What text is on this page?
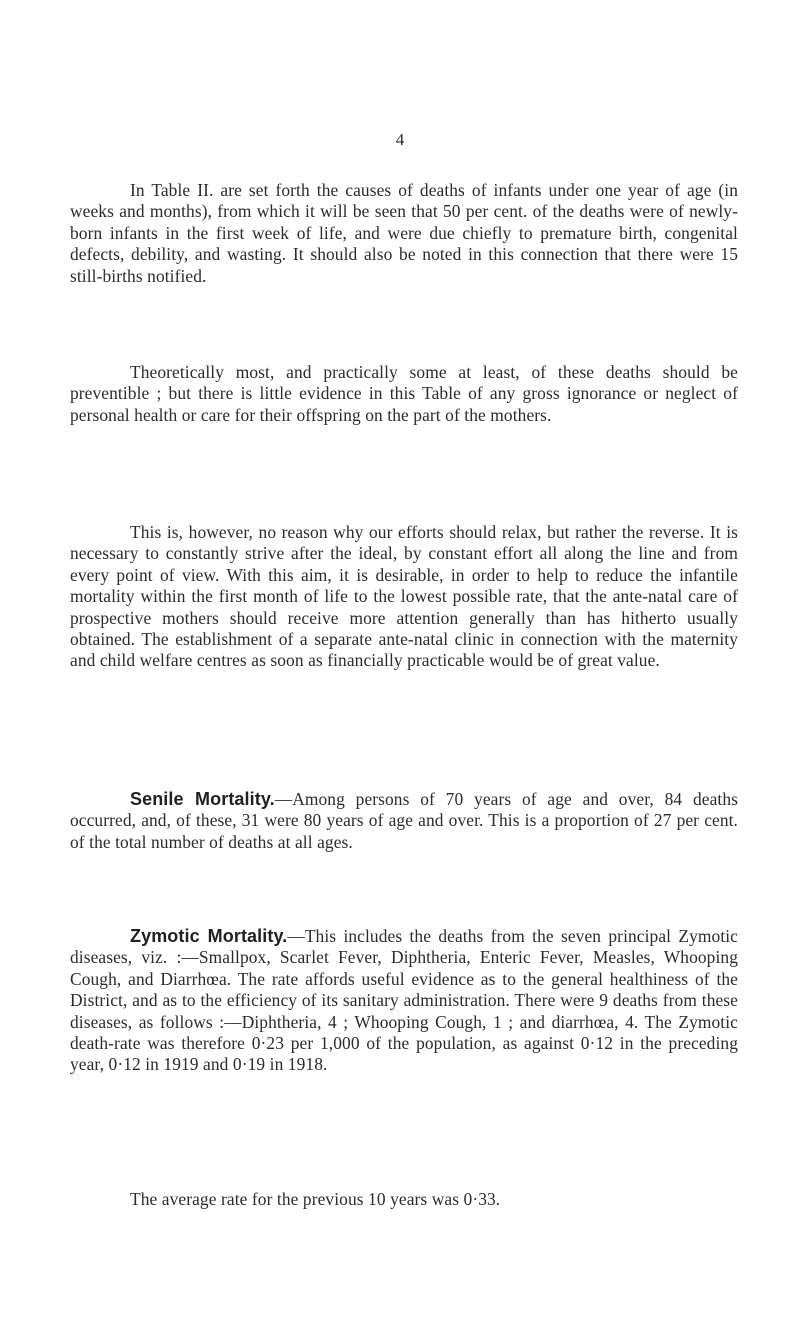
4

In Table II. are set forth the causes of deaths of infants under one year of age (in weeks and months), from which it will be seen that 50 per cent. of the deaths were of newly-born infants in the first week of life, and were due chiefly to premature birth, congenital defects, debility, and wasting. It should also be noted in this connection that there were 15 still-births notified.

Theoretically most, and practically some at least, of these deaths should be preventible ; but there is little evidence in this Table of any gross ignorance or neglect of personal health or care for their offspring on the part of the mothers.

This is, however, no reason why our efforts should relax, but rather the reverse. It is necessary to constantly strive after the ideal, by constant effort all along the line and from every point of view. With this aim, it is desirable, in order to help to reduce the infantile mortality within the first month of life to the lowest possible rate, that the ante-natal care of prospective mothers should receive more attention generally than has hitherto usually obtained. The establishment of a separate ante-natal clinic in connection with the maternity and child welfare centres as soon as financially practicable would be of great value.

Senile Mortality.—Among persons of 70 years of age and over, 84 deaths occurred, and, of these, 31 were 80 years of age and over. This is a proportion of 27 per cent. of the total number of deaths at all ages.

Zymotic Mortality.—This includes the deaths from the seven principal Zymotic diseases, viz. :—Smallpox, Scarlet Fever, Diphtheria, Enteric Fever, Measles, Whooping Cough, and Diarrhœa. The rate affords useful evidence as to the general healthiness of the District, and as to the efficiency of its sanitary administration. There were 9 deaths from these diseases, as follows :—Diphtheria, 4 ; Whooping Cough, 1 ; and diarrhœa, 4. The Zymotic death-rate was therefore 0·23 per 1,000 of the population, as against 0·12 in the preceding year, 0·12 in 1919 and 0·19 in 1918.

The average rate for the previous 10 years was 0·33.
